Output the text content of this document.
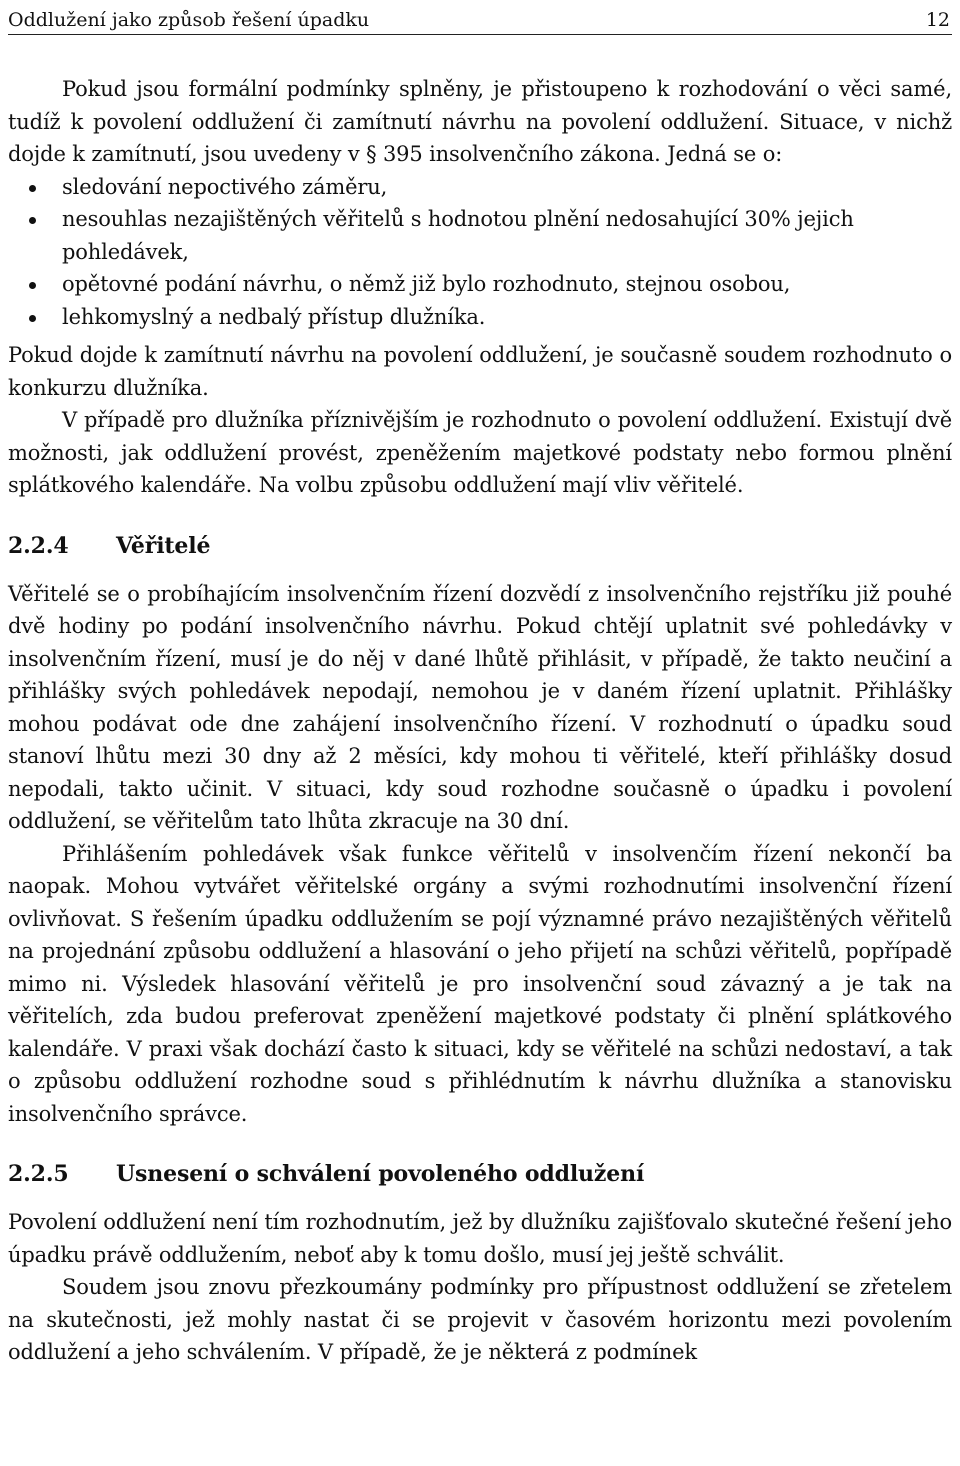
Oddlužení jako způsob řešení úpadku	12

Pokud jsou formální podmínky splněny, je přistoupeno k rozhodování o věci samé, tudíž k povolení oddlužení či zamítnutí návrhu na povolení oddlužení. Situace, v nichž dojde k zamítnutí, jsou uvedeny v § 395 insolvenčního zákona. Jedná se o:

sledování nepoctivého záměru,
nesouhlas nezajištěných věřitelů s hodnotou plnění nedosahující 30% jejich pohledávek,
opětovné podání návrhu, o němž již bylo rozhodnuto, stejnou osobou,
lehkomyslný a nedbalý přístup dlužníka.

Pokud dojde k zamítnutí návrhu na povolení oddlužení, je současně soudem rozhodnuto o konkurzu dlužníka.

V případě pro dlužníka příznivějším je rozhodnuto o povolení oddlužení. Existují dvě možnosti, jak oddlužení provést, zpeněžením majetkové podstaty nebo formou plnění splátkového kalendáře. Na volbu způsobu oddlužení mají vliv věřitelé.

2.2.4	Věřitelé

Věřitelé se o probíhajícím insolvenčním řízení dozvědí z insolvenčního rejstříku již pouhé dvě hodiny po podání insolvenčního návrhu. Pokud chtějí uplatnit své pohledávky v insolvenčním řízení, musí je do něj v dané lhůtě přihlásit, v případě, že takto neučiní a přihlášky svých pohledávek nepodají, nemohou je v daném řízení uplatnit. Přihlášky mohou podávat ode dne zahájení insolvenčního řízení. V rozhodnutí o úpadku soud stanoví lhůtu mezi 30 dny až 2 měsíci, kdy mohou ti věřitelé, kteří přihlášky dosud nepodali, takto učinit. V situaci, kdy soud rozhodne současně o úpadku i povolení oddlužení, se věřitelům tato lhůta zkracuje na 30 dní.

Přihlášením pohledávek však funkce věřitelů v insolvenčím řízení nekončí ba naopak. Mohou vytvářet věřitelské orgány a svými rozhodnutími insolvenční řízení ovlivňovat. S řešením úpadku oddlužením se pojí významné právo nezajištěných věřitelů na projednání způsobu oddlužení a hlasování o jeho přijetí na schůzi věřitelů, popřípadě mimo ni. Výsledek hlasování věřitelů je pro insolvenční soud závazný a je tak na věřitelích, zda budou preferovat zpeněžení majetkové podstaty či plnění splátkového kalendáře. V praxi však dochází často k situaci, kdy se věřitelé na schůzi nedostaví, a tak o způsobu oddlužení rozhodne soud s přihlédnutím k návrhu dlužníka a stanovisku insolvenčního správce.

2.2.5	Usnesení o schválení povoleného oddlužení

Povolení oddlužení není tím rozhodnutím, jež by dlužníku zajišťovalo skutečné řešení jeho úpadku právě oddlužením, neboť aby k tomu došlo, musí jej ještě schválit.

Soudem jsou znovu přezkoumány podmínky pro přípustnost oddlužení se zřetelem na skutečnosti, jež mohly nastat či se projevit v časovém horizontu mezi povolením oddlužení a jeho schválením. V případě, že je některá z podmínek
